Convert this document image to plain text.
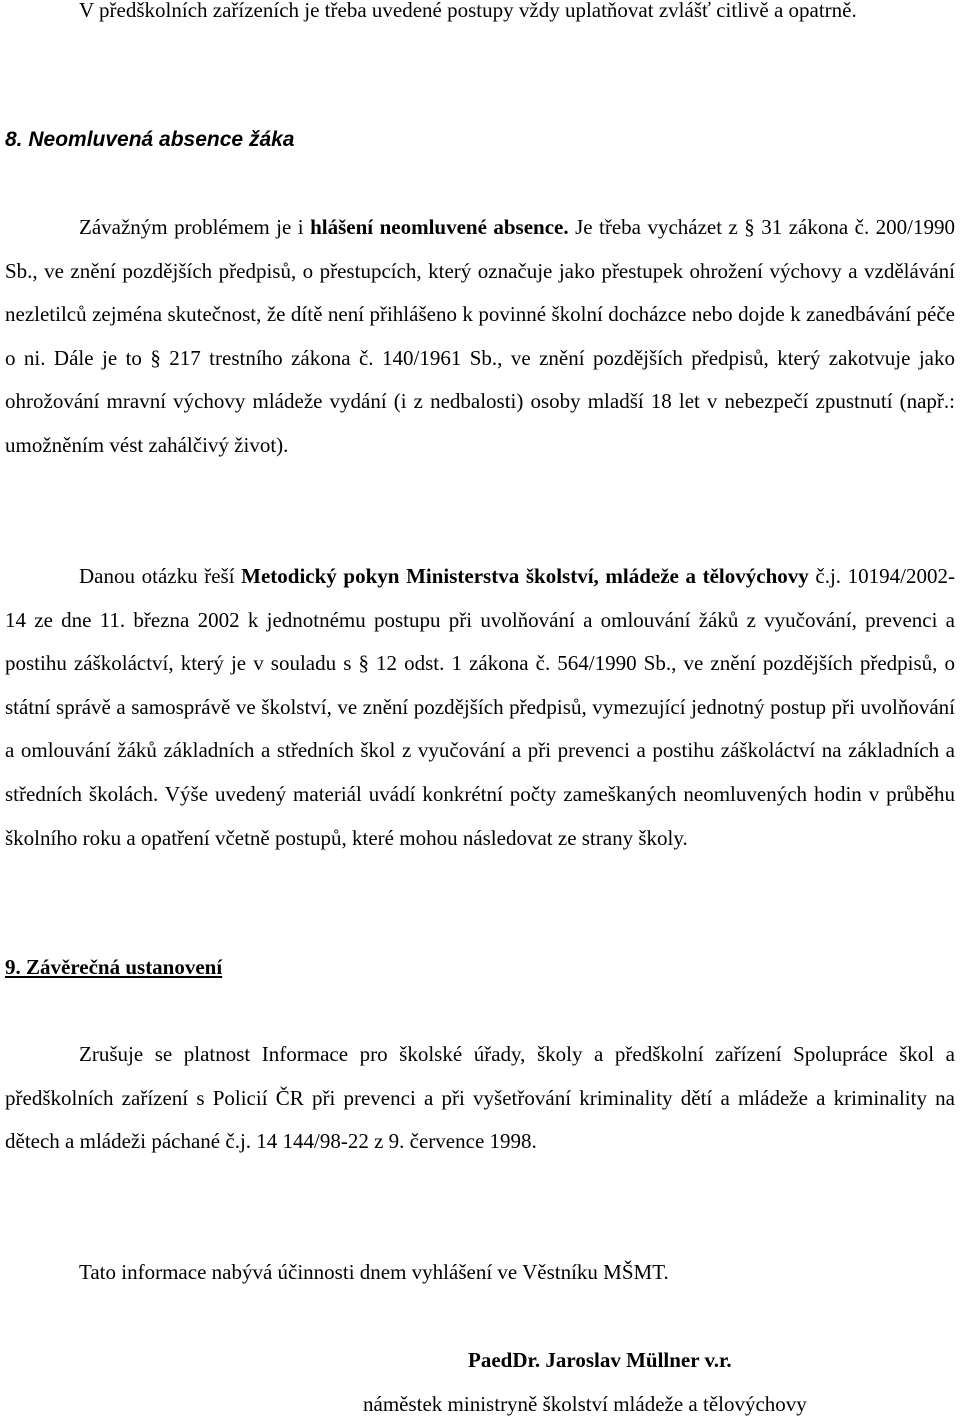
V předškolních zařízeních je třeba uvedené postupy vždy uplatňovat zvlášť citlivě a opatrně.

8. Neomluvená absence žáka

Závažným problémem je i hlášení neomluvené absence. Je třeba vycházet z § 31 zákona č. 200/1990 Sb., ve znění pozdějších předpisů, o přestupcích, který označuje jako přestupek ohrožení výchovy a vzdělávání nezletilců zejména skutečnost, že dítě není přihlášeno k povinné školní docházce nebo dojde k zanedbávání péče o ni. Dále je to § 217 trestního zákona č. 140/1961 Sb., ve znění pozdějších předpisů, který zakotvuje jako ohrožování mravní výchovy mládeže vydání (i z nedbalosti) osoby mladší 18 let v nebezpečí zpustnutí (např.: umožněním vést zahálčivý život).

Danou otázku řeší Metodický pokyn Ministerstva školství, mládeže a tělovýchovy č.j. 10194/2002-14 ze dne 11. března 2002 k jednotnému postupu při uvolňování a omlouvání žáků z vyučování, prevenci a postihu záškoláctví, který je v souladu s § 12 odst. 1 zákona č. 564/1990 Sb., ve znění pozdějších předpisů, o státní správě a samosprávě ve školství, ve znění pozdějších předpisů, vymezující jednotný postup při uvolňování a omlouvání žáků základních a středních škol z vyučování a při prevenci a postihu záškoláctví na základních a středních školách. Výše uvedený materiál uvádí konkrétní počty zameškaných neomluvených hodin v průběhu školního roku a opatření včetně postupů, které mohou následovat ze strany školy.

9. Závěrečná ustanovení

Zrušuje se platnost Informace pro školské úřady, školy a předškolní zařízení Spolupráce škol a předškolních zařízení s Policií ČR při prevenci a při vyšetřování kriminality dětí a mládeže a kriminality na dětech a mládeži páchané č.j. 14 144/98-22 z 9. července 1998.

Tato informace nabývá účinnosti dnem vyhlášení ve Věstníku MŠMT.

PaedDr. Jaroslav Müllner v.r.
náměstek ministryně školství mládeže a tělovýchovy
